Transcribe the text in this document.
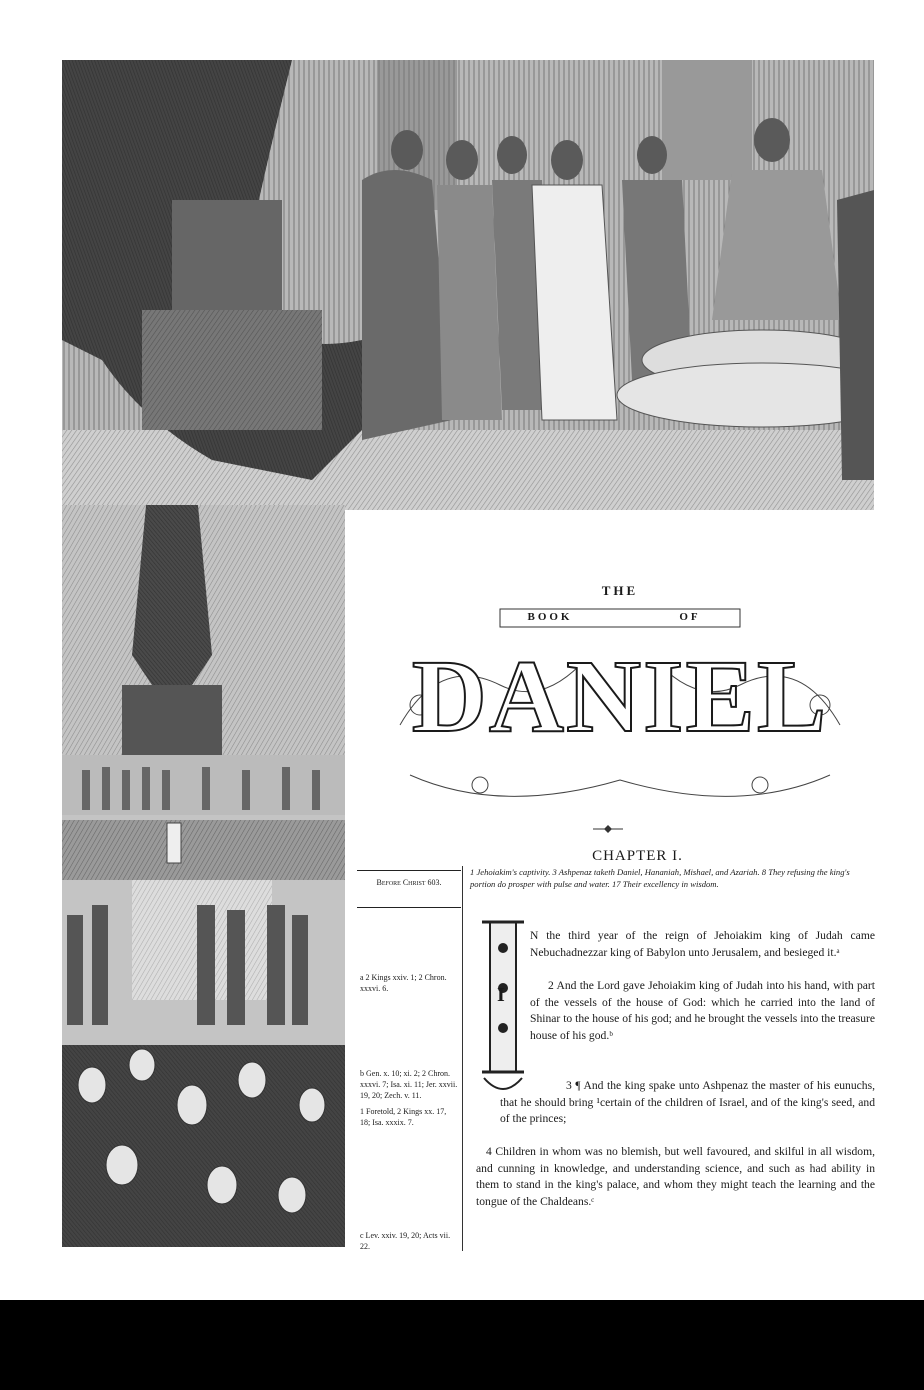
THE
BOOK	OF
DANIEL
CHAPTER I.
Before Christ 603.
1 Jehoiakim's captivity. 3 Ashpenaz taketh Daniel, Hananiah, Mishael, and Azariah. 8 They refusing the king's portion do prosper with pulse and water. 17 Their excellency in wisdom.
I
N the third year of the reign of Jehoiakim king of Judah came Nebuchadnezzar king of Babylon unto Jerusalem, and besieged it.ᵃ
2 And the Lord gave Jehoiakim king of Judah into his hand, with part of the vessels of the house of God: which he carried into the land of Shinar to the house of his god; and he brought the vessels into the treasure house of his god.ᵇ
3 ¶ And the king spake unto Ashpenaz the master of his eunuchs, that he should bring ¹certain of the children of Israel, and of the king's seed, and of the princes;
4 Children in whom was no blemish, but well favoured, and skilful in all wisdom, and cunning in knowledge, and understanding science, and such as had ability in them to stand in the king's palace, and whom they might teach the learning and the tongue of the Chaldeans.ᶜ
a 2 Kings xxiv. 1; 2 Chron. xxxvi. 6.
b Gen. x. 10; xi. 2; 2 Chron. xxxvi. 7; Isa. xi. 11; Jer. xxvii. 19, 20; Zech. v. 11.
1 Foretold, 2 Kings xx. 17, 18; Isa. xxxix. 7.
c Lev. xxiv. 19, 20; Acts vii. 22.
